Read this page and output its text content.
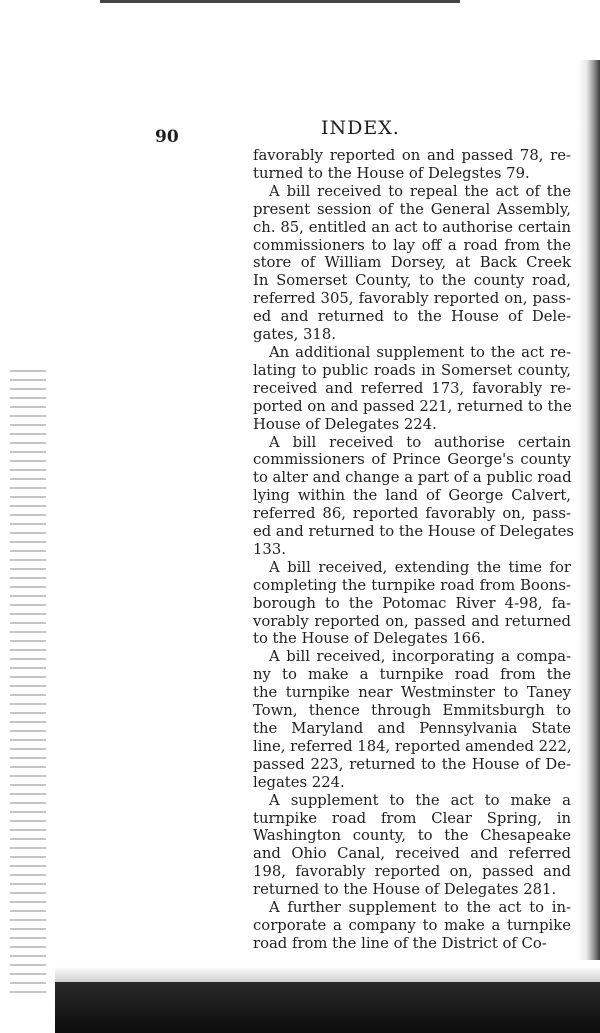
90	INDEX.
favorably reported on and passed 78, re-
turned to the House of Delegstes 79.
A bill received to repeal the act of the
present session of the General Assembly,
ch. 85, entitled an act to authorise certain
commissioners to lay off a road from the
store of William Dorsey, at Back Creek
In Somerset County, to the county road,
referred 305, favorably reported on, pass-
ed and returned to the House of Dele-
gates, 318.
An additional supplement to the act re-
lating to public roads in Somerset county,
received and referred 173, favorably re-
ported on and passed 221, returned to the
House of Delegates 224.
A bill received to authorise certain
commissioners of Prince George's county
to alter and change a part of a public road
lying within the land of George Calvert,
referred 86, reported favorably on, pass-
ed and returned to the House of Delegates
133.
A bill received, extending the time for
completing the turnpike road from Boons-
borough to the Potomac River 4-98, fa-
vorably reported on, passed and returned
to the House of Delegates 166.
A bill received, incorporating a compa-
ny to make a turnpike road from the
the turnpike near Westminster to Taney
Town, thence through Emmitsburgh to
the Maryland and Pennsylvania State
line, referred 184, reported amended 222,
passed 223, returned to the House of De-
legates 224.
A supplement to the act to make a
turnpike road from Clear Spring, in
Washington county, to the Chesapeake
and Ohio Canal, received and referred
198, favorably reported on, passed and
returned to the House of Delegates 281.
A further supplement to the act to in-
corporate a company to make a turnpike
road from the line of the District of Co-
